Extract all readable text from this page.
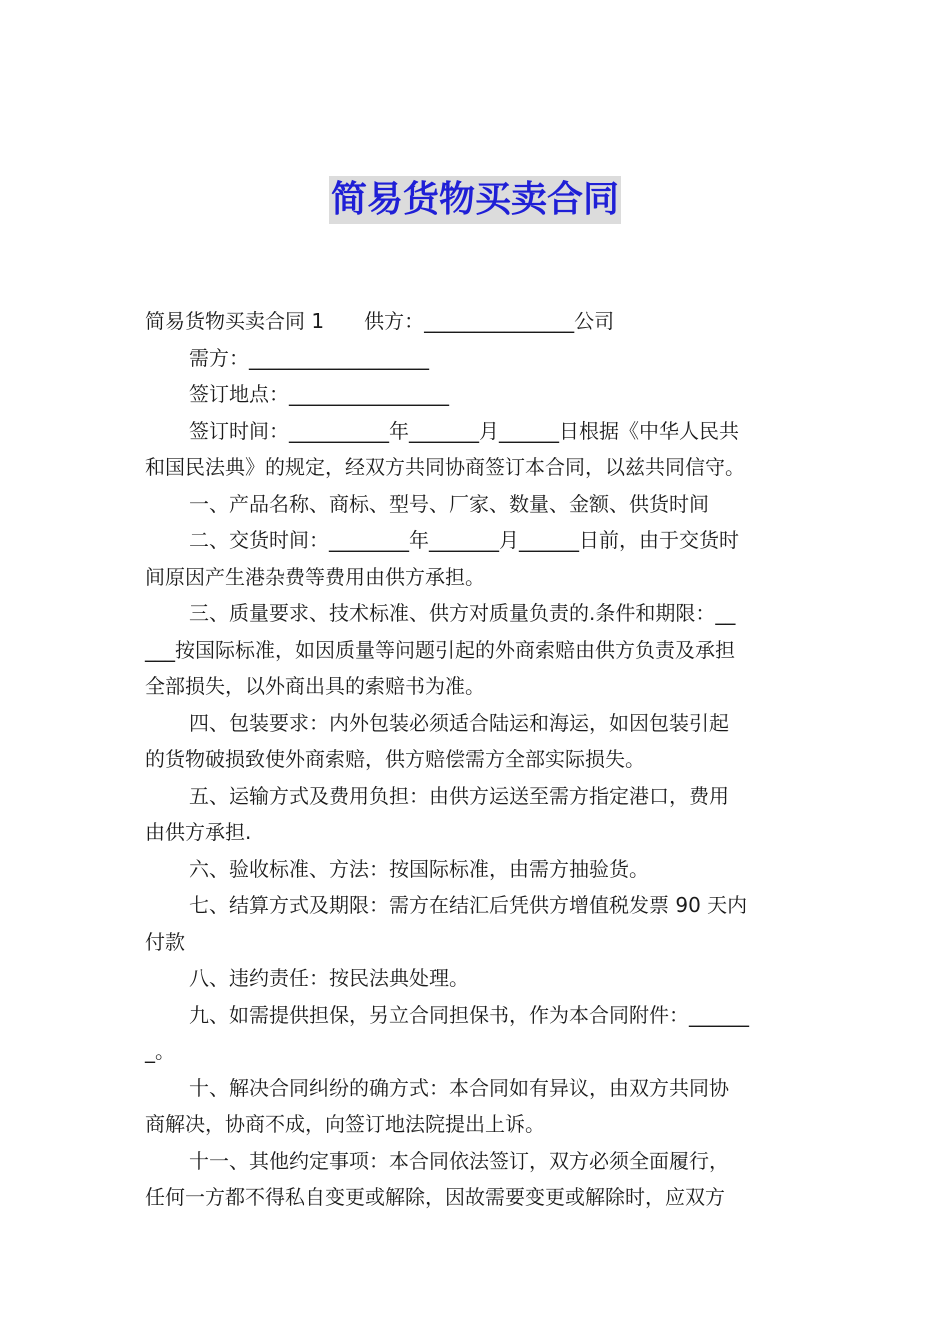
简易货物买卖合同

简易货物买卖合同 1　　供方：_______________公司

需方：__________________

签订地点：________________

签订时间：__________年_______月______日根据《中华人民共
和国民法典》的规定，经双方共同协商签订本合同，以兹共同信守。

一、产品名称、商标、型号、厂家、数量、金额、供货时间

二、交货时间：________年_______月______日前，由于交货时
间原因产生港杂费等费用由供方承担。

三、质量要求、技术标准、供方对质量负责的.条件和期限：__
___按国际标准，如因质量等问题引起的外商索赔由供方负责及承担
全部损失，以外商出具的索赔书为准。

四、包装要求：内外包装必须适合陆运和海运，如因包装引起
的货物破损致使外商索赔，供方赔偿需方全部实际损失。

五、运输方式及费用负担：由供方运送至需方指定港口，费用
由供方承担.

六、验收标准、方法：按国际标准，由需方抽验货。

七、结算方式及期限：需方在结汇后凭供方增值税发票 90 天内
付款

八、违约责任：按民法典处理。

九、如需提供担保，另立合同担保书，作为本合同附件：______
_。

十、解决合同纠纷的确方式：本合同如有异议，由双方共同协
商解决，协商不成，向签订地法院提出上诉。

十一、其他约定事项：本合同依法签订，双方必须全面履行，
任何一方都不得私自变更或解除，因故需要变更或解除时，应双方
